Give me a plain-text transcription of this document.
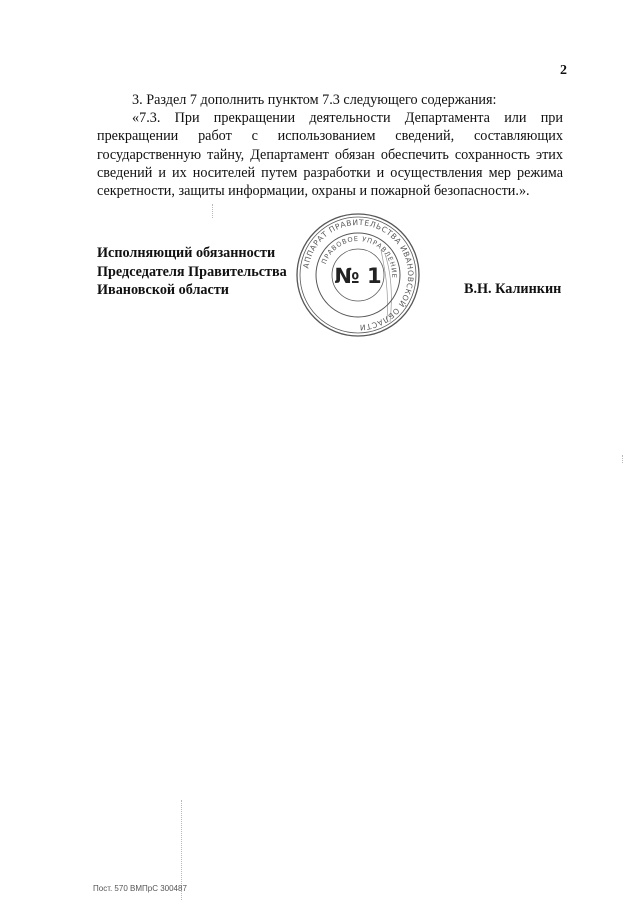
2

3. Раздел 7 дополнить пунктом 7.3 следующего содержания:

«7.3. При прекращении деятельности Департамента или при прекращении работ с использованием сведений, составляющих государственную тайну, Департамент обязан обеспечить сохранность этих сведений и их носителей путем разработки и осуществления мер режима секретности, защиты информации, охраны и пожарной безопасности.».

Исполняющий обязанности
Председателя Правительства
Ивановской области
АППАРАТ ПРАВИТЕЛЬСТВА ИВАНОВСКОЙ ОБЛАСТИ
ПРАВОВОЕ УПРАВЛЕНИЕ
№ 1
В.Н. Калинкин
Пост. 570 ВМПрС 300487
